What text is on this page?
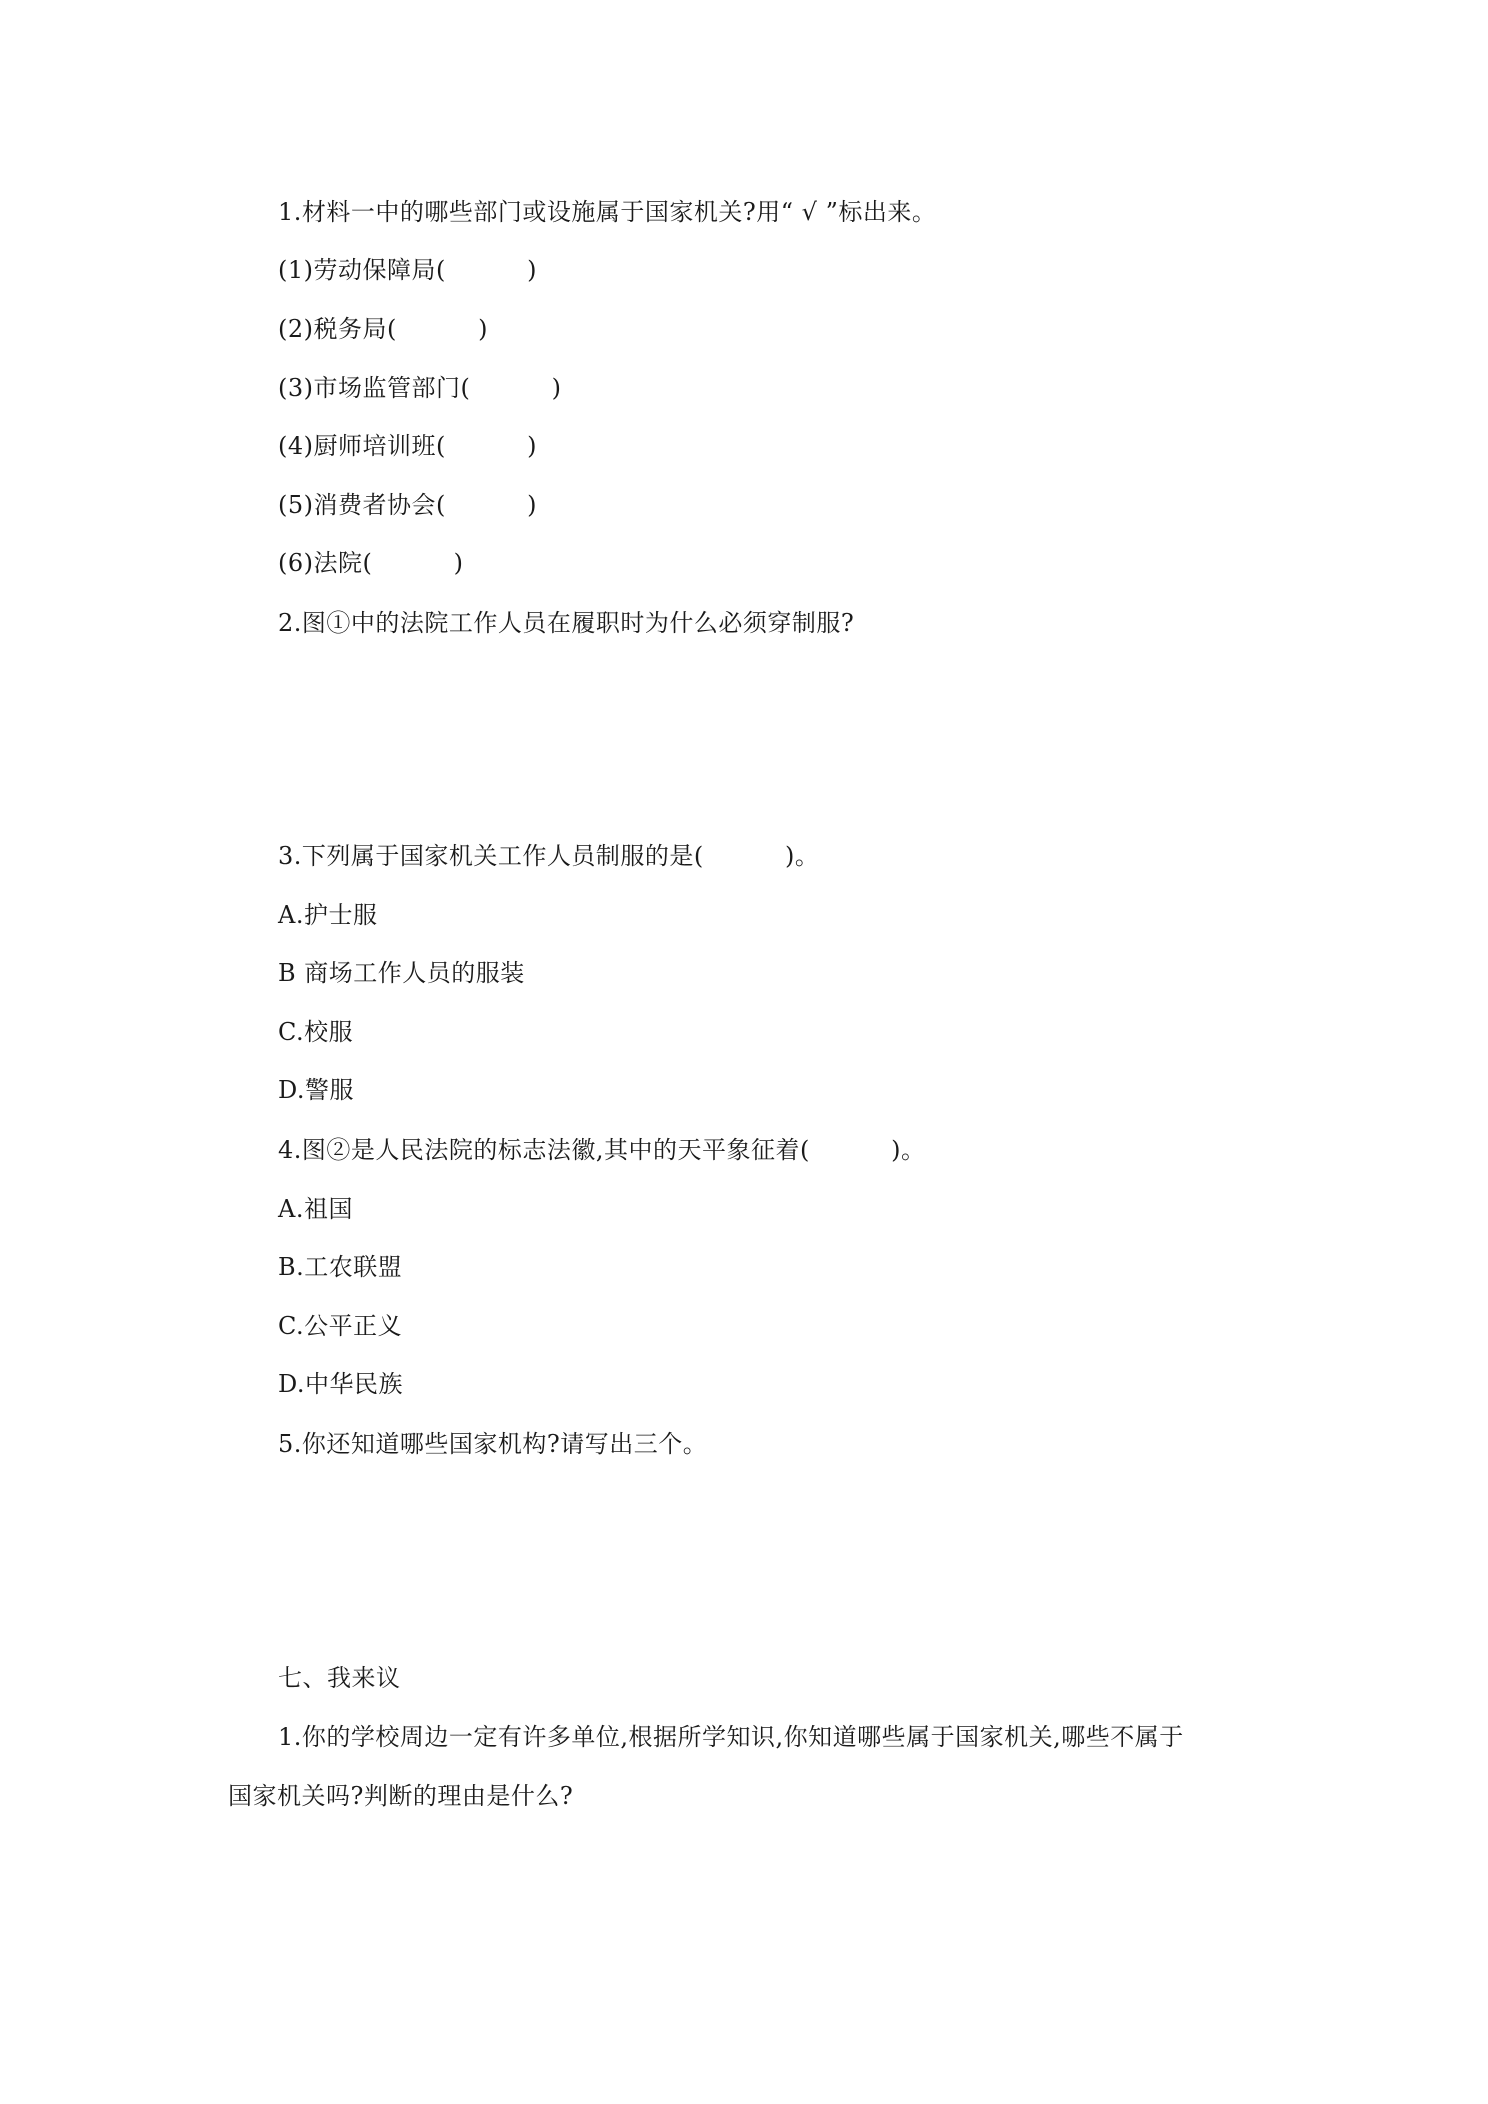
1.材料一中的哪些部门或设施属于国家机关?用“ √ ”标出来。
(1)劳动保障局(          )
(2)税务局(          )
(3)市场监管部门(          )
(4)厨师培训班(          )
(5)消费者协会(          )
(6)法院(          )
2.图①中的法院工作人员在履职时为什么必须穿制服?
3.下列属于国家机关工作人员制服的是(          )。
A.护士服
B 商场工作人员的服装
C.校服
D.警服
4.图②是人民法院的标志法徽,其中的天平象征着(          )。
A.祖国
B.工农联盟
C.公平正义
D.中华民族
5.你还知道哪些国家机构?请写出三个。
七、我来议
1.你的学校周边一定有许多单位,根据所学知识,你知道哪些属于国家机关,哪些不属于
国家机关吗?判断的理由是什么?
